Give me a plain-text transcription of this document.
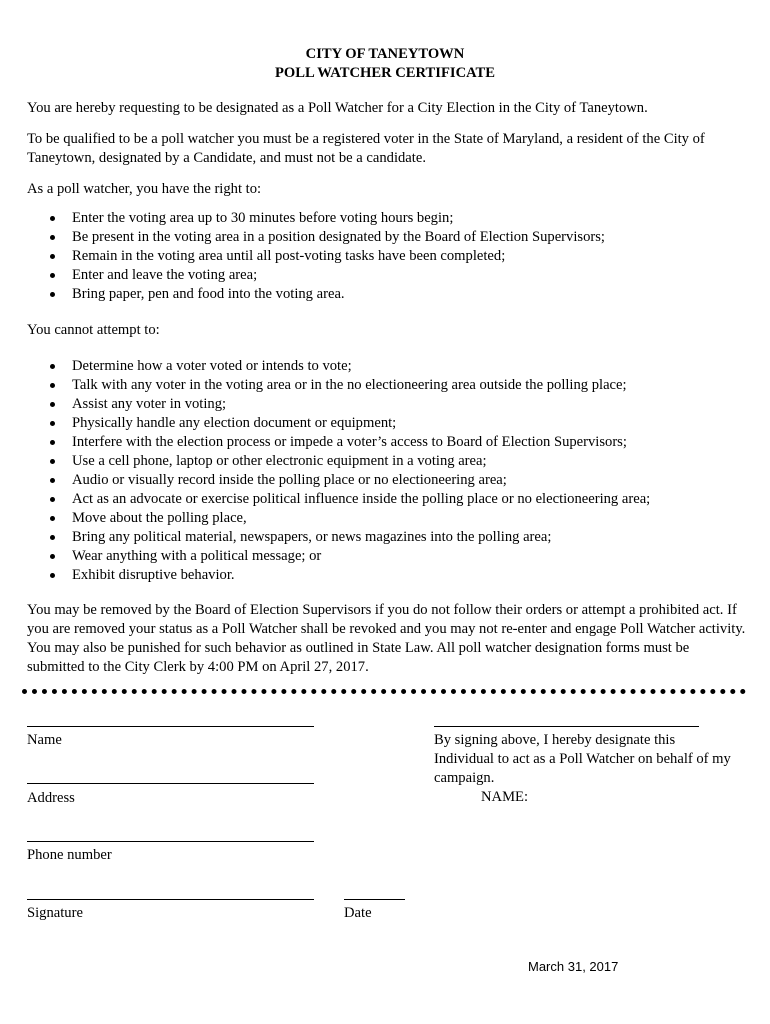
CITY OF TANEYTOWN
POLL WATCHER CERTIFICATE
You are hereby requesting to be designated as a Poll Watcher for a City Election in the City of Taneytown.
To be qualified to be a poll watcher you must be a registered voter in the State of Maryland, a resident of the City of Taneytown, designated by a Candidate, and must not be a candidate.
As a poll watcher, you have the right to:
Enter the voting area up to 30 minutes before voting hours begin;
Be present in the voting area in a position designated by the Board of Election Supervisors;
Remain in the voting area until all post-voting tasks have been completed;
Enter and leave the voting area;
Bring paper, pen and food into the voting area.
You cannot attempt to:
Determine how a voter voted or intends to vote;
Talk with any voter in the voting area or in the no electioneering area outside the polling place;
Assist any voter in voting;
Physically handle any election document or equipment;
Interfere with the election process or impede a voter’s access to Board of Election Supervisors;
Use a cell phone, laptop or other electronic equipment in a voting area;
Audio or visually record inside the polling place or no electioneering area;
Act as an advocate or exercise political influence inside the polling place or no electioneering area;
Move about the polling place,
Bring any political material, newspapers, or news magazines into the polling area;
Wear anything with a political message; or
Exhibit disruptive behavior.
You may be removed by the Board of Election Supervisors if you do not follow their orders or attempt a prohibited act. If you are removed your status as a Poll Watcher shall be revoked and you may not re-enter and engage Poll Watcher activity. You may also be punished for such behavior as outlined in State Law. All poll watcher designation forms must be submitted to the City Clerk by 4:00 PM on April 27, 2017.
Name
Address
Phone number
Signature	Date
By signing above, I hereby designate this Individual to act as a Poll Watcher on behalf of my campaign.
NAME:
March 31, 2017
